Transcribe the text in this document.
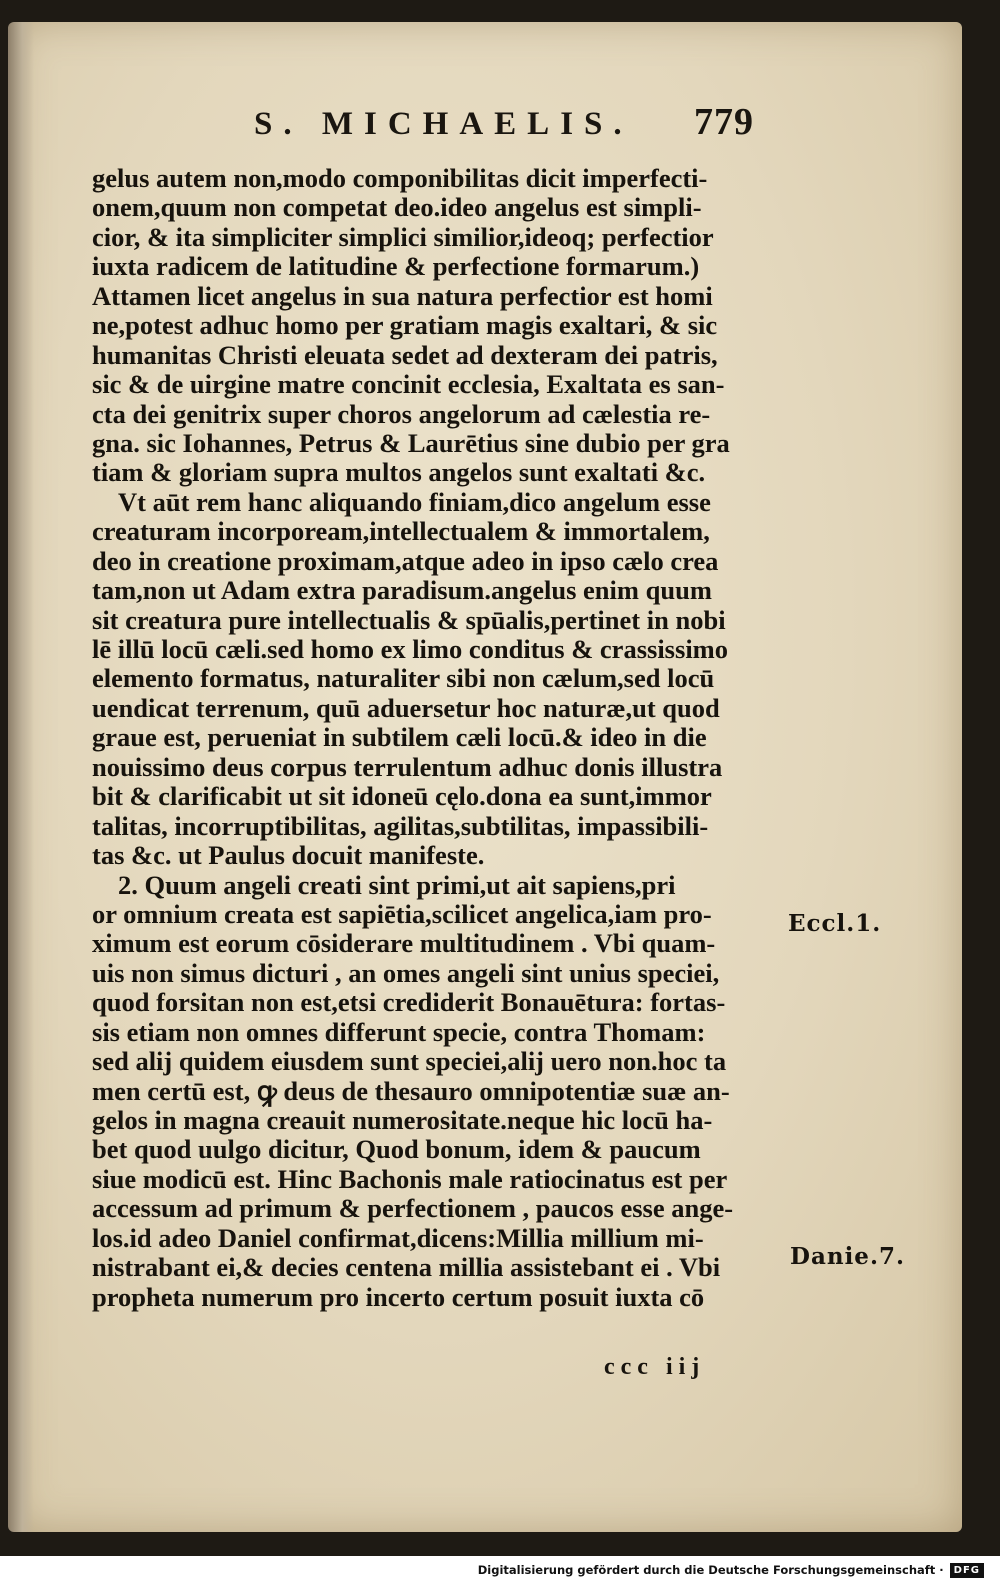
S. MICHAELIS. 779
gelus autem non,modo componibilitas dicit imperfecti-
onem,quum non competat deo.ideo angelus est simpli-
cior, & ita simpliciter simplici similior,ideoq; perfectior
iuxta radicem de latitudine & perfectione formarum.)
Attamen licet angelus in sua natura perfectior est homi
ne,potest adhuc homo per gratiam magis exaltari, & sic
humanitas Christi eleuata sedet ad dexteram dei patris,
sic & de uirgine matre concinit ecclesia, Exaltata es san-
cta dei genitrix super choros angelorum ad cælestia re-
gna. sic Iohannes, Petrus & Laurētius sine dubio per gra
tiam & gloriam supra multos angelos sunt exaltati &c.
Vt aūt rem hanc aliquando finiam,dico angelum esse
creaturam incorpoream,intellectualem & immortalem,
deo in creatione proximam,atque adeo in ipso cælo crea
tam,non ut Adam extra paradisum.angelus enim quum
sit creatura pure intellectualis & spūalis,pertinet in nobi
lē illū locū cæli.sed homo ex limo conditus & crassissimo
elemento formatus, naturaliter sibi non cælum,sed locū
uendicat terrenum, quū aduersetur hoc naturæ,ut quod
graue est, perueniat in subtilem cæli locū.& ideo in die
nouissimo deus corpus terrulentum adhuc donis illustra
bit & clarificabit ut sit idoneū cęlo.dona ea sunt,immor
talitas, incorruptibilitas, agilitas,subtilitas, impassibili-
tas &c. ut Paulus docuit manifeste.
2. Quum angeli creati sint primi,ut ait sapiens,pri
or omnium creata est sapiētia,scilicet angelica,iam pro-
ximum est eorum cōsiderare multitudinem . Vbi quam-
uis non simus dicturi , an omes angeli sint unius speciei,
quod forsitan non est,etsi crediderit Bonauētura: fortas-
sis etiam non omnes differunt specie, contra Thomam:
sed alij quidem eiusdem sunt speciei,alij uero non.hoc ta
men certū est, ꝙ deus de thesauro omnipotentiæ suæ an-
gelos in magna creauit numerositate.neque hic locū ha-
bet quod uulgo dicitur, Quod bonum, idem & paucum
siue modicū est. Hinc Bachonis male ratiocinatus est per
accessum ad primum & perfectionem , paucos esse ange-
los.id adeo Daniel confirmat,dicens:Millia millium mi-
nistrabant ei,& decies centena millia assistebant ei . Vbi
propheta numerum pro incerto certum posuit iuxta cō
Eccl.1.
Danie.7.
ccc iij
Digitalisierung gefördert durch die Deutsche Forschungsgemeinschaft ·	DFG
